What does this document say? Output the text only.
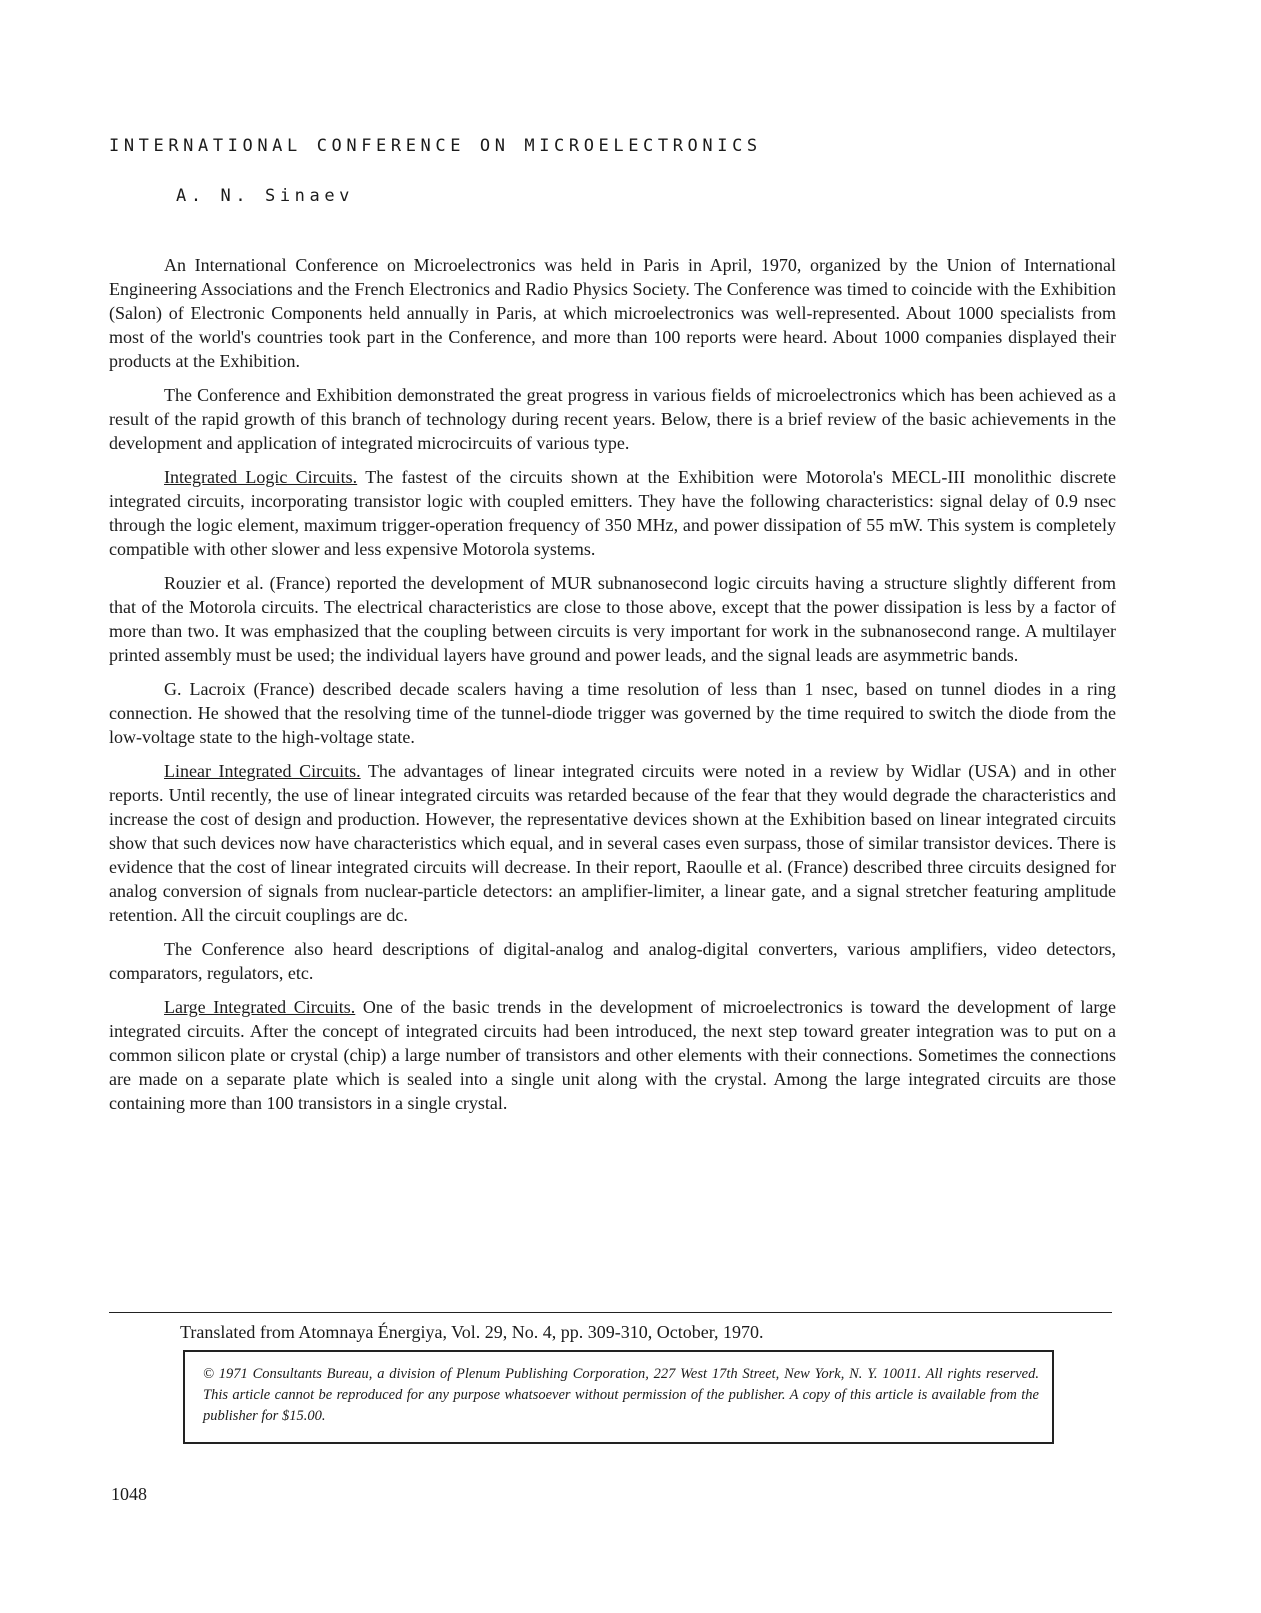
INTERNATIONAL CONFERENCE ON MICROELECTRONICS
A. N. Sinaev

An International Conference on Microelectronics was held in Paris in April, 1970, organized by the Union of International Engineering Associations and the French Electronics and Radio Physics Society. The Conference was timed to coincide with the Exhibition (Salon) of Electronic Components held annually in Paris, at which microelectronics was well-represented. About 1000 specialists from most of the world's countries took part in the Conference, and more than 100 reports were heard. About 1000 companies displayed their products at the Exhibition.

The Conference and Exhibition demonstrated the great progress in various fields of microelectronics which has been achieved as a result of the rapid growth of this branch of technology during recent years. Below, there is a brief review of the basic achievements in the development and application of integrated microcircuits of various type.

Integrated Logic Circuits. The fastest of the circuits shown at the Exhibition were Motorola's MECL-III monolithic discrete integrated circuits, incorporating transistor logic with coupled emitters. They have the following characteristics: signal delay of 0.9 nsec through the logic element, maximum trigger-operation frequency of 350 MHz, and power dissipation of 55 mW. This system is completely compatible with other slower and less expensive Motorola systems.

Rouzier et al. (France) reported the development of MUR subnanosecond logic circuits having a structure slightly different from that of the Motorola circuits. The electrical characteristics are close to those above, except that the power dissipation is less by a factor of more than two. It was emphasized that the coupling between circuits is very important for work in the subnanosecond range. A multilayer printed assembly must be used; the individual layers have ground and power leads, and the signal leads are asymmetric bands.

G. Lacroix (France) described decade scalers having a time resolution of less than 1 nsec, based on tunnel diodes in a ring connection. He showed that the resolving time of the tunnel-diode trigger was governed by the time required to switch the diode from the low-voltage state to the high-voltage state.

Linear Integrated Circuits. The advantages of linear integrated circuits were noted in a review by Widlar (USA) and in other reports. Until recently, the use of linear integrated circuits was retarded because of the fear that they would degrade the characteristics and increase the cost of design and production. However, the representative devices shown at the Exhibition based on linear integrated circuits show that such devices now have characteristics which equal, and in several cases even surpass, those of similar transistor devices. There is evidence that the cost of linear integrated circuits will decrease. In their report, Raoulle et al. (France) described three circuits designed for analog conversion of signals from nuclear-particle detectors: an amplifier-limiter, a linear gate, and a signal stretcher featuring amplitude retention. All the circuit couplings are dc.

The Conference also heard descriptions of digital-analog and analog-digital converters, various amplifiers, video detectors, comparators, regulators, etc.

Large Integrated Circuits. One of the basic trends in the development of microelectronics is toward the development of large integrated circuits. After the concept of integrated circuits had been introduced, the next step toward greater integration was to put on a common silicon plate or crystal (chip) a large number of transistors and other elements with their connections. Sometimes the connections are made on a separate plate which is sealed into a single unit along with the crystal. Among the large integrated circuits are those containing more than 100 transistors in a single crystal.

Translated from Atomnaya Énergiya, Vol. 29, No. 4, pp. 309-310, October, 1970.
© 1971 Consultants Bureau, a division of Plenum Publishing Corporation, 227 West 17th Street, New York, N. Y. 10011. All rights reserved. This article cannot be reproduced for any purpose whatsoever without permission of the publisher. A copy of this article is available from the publisher for $15.00.
1048
